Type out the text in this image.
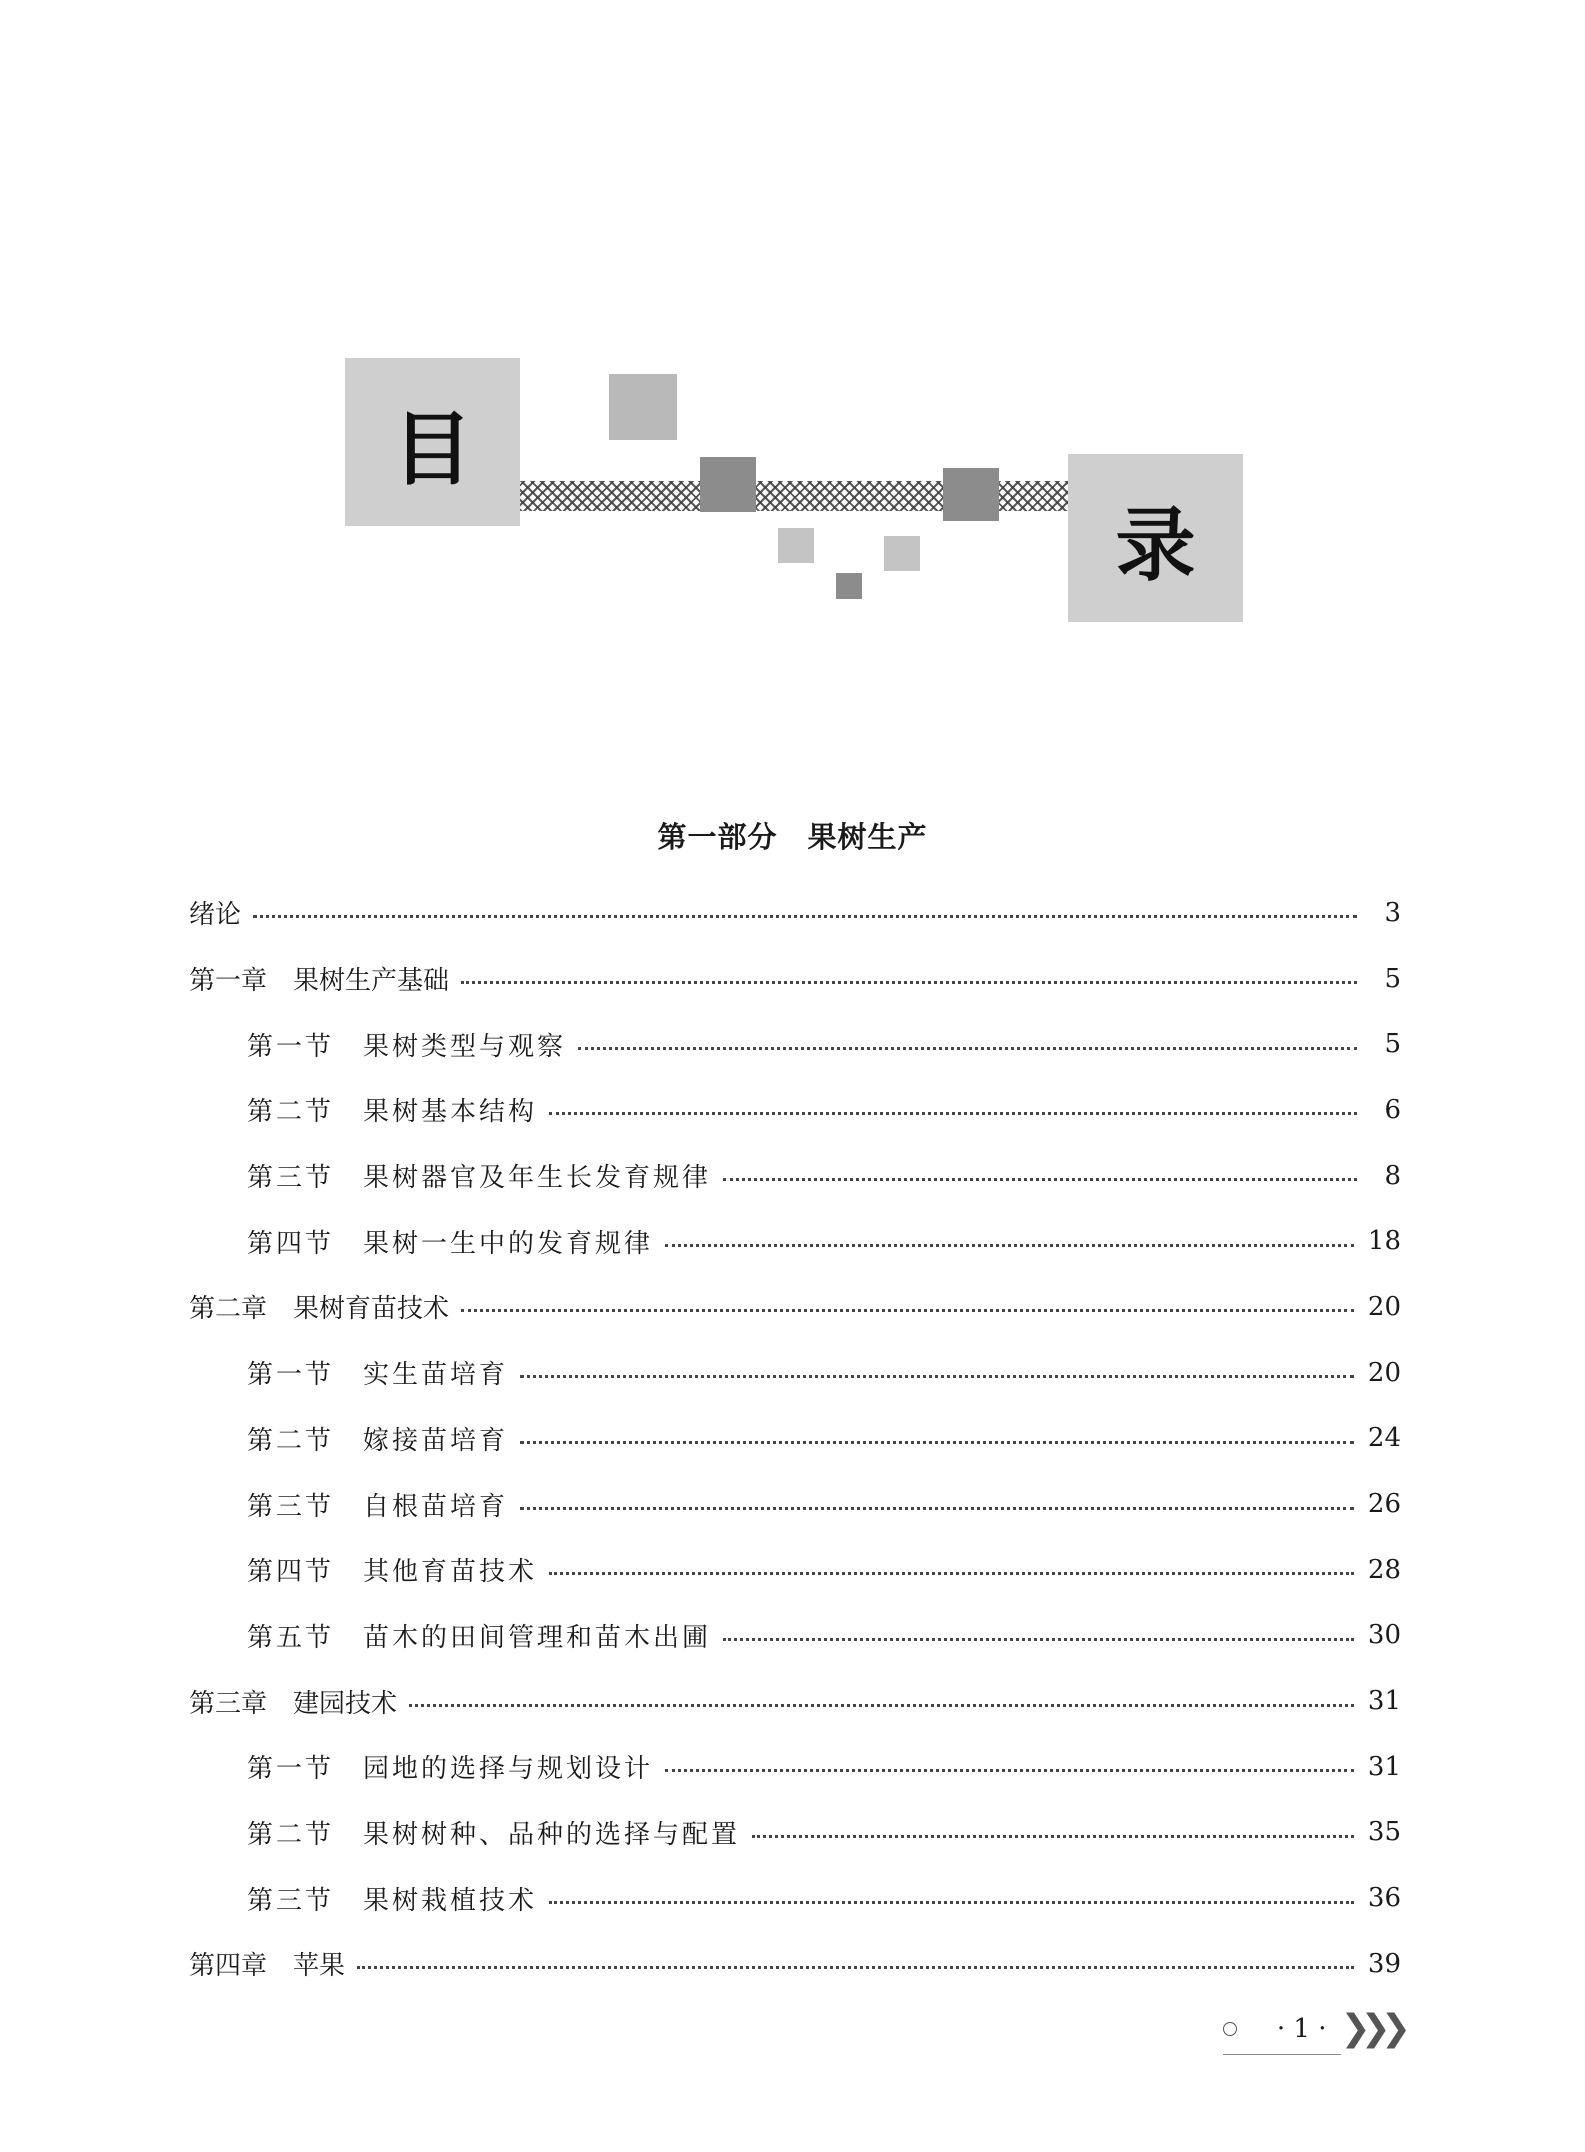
目
录
第一部分　果树生产
绪论	3
第一章　果树生产基础	5
第一节　果树类型与观察	5
第二节　果树基本结构	6
第三节　果树器官及年生长发育规律	8
第四节　果树一生中的发育规律	18
第二章　果树育苗技术	20
第一节　实生苗培育	20
第二节　嫁接苗培育	24
第三节　自根苗培育	26
第四节　其他育苗技术	28
第五节　苗木的田间管理和苗木出圃	30
第三章　建园技术	31
第一节　园地的选择与规划设计	31
第二节　果树树种、品种的选择与配置	35
第三节　果树栽植技术	36
第四章　苹果	39
· 1 · ❯❯❯
